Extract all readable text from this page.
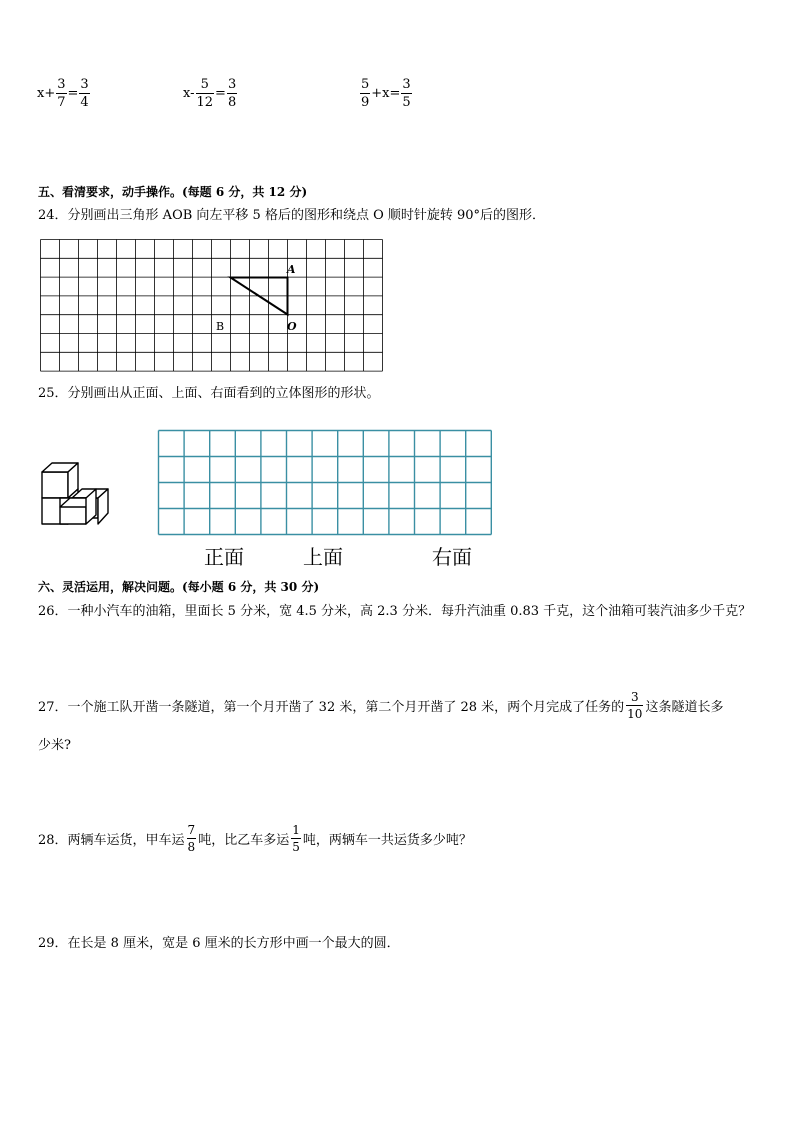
$x+ \frac{3}{7} = \frac{3}{4}$	$x- \frac{5}{12} = \frac{3}{8}$	$\frac{5}{9} +x= \frac{3}{5}$
五、看清要求，动手操作。(每题 6 分，共 12 分)
24．分别画出三角形 AOB 向左平移 5 格后的图形和绕点 O 顺时针旋转 90°后的图形．
A
B	O
25．分别画出从正面、上面、右面看到的立体图形的形状。
正面	上面	右面
六、灵活运用，解决问题。(每小题 6 分，共 30 分)
26．一种小汽车的油箱，里面长 5 分米，宽 4.5 分米，高 2.3 分米．每升汽油重 0.83 千克，这个油箱可装汽油多少千克？
27．一个施工队开凿一条隧道，第一个月开凿了 32 米，第二个月开凿了 28 米，两个月完成了任务的 $\frac{3}{10}$ 这条隧道长多
少米?
28．两辆车运货，甲车运 $\frac{7}{8}$ 吨，比乙车多运 $\frac{1}{5}$ 吨，两辆车一共运货多少吨？
29．在长是 8 厘米，宽是 6 厘米的长方形中画一个最大的圆．
